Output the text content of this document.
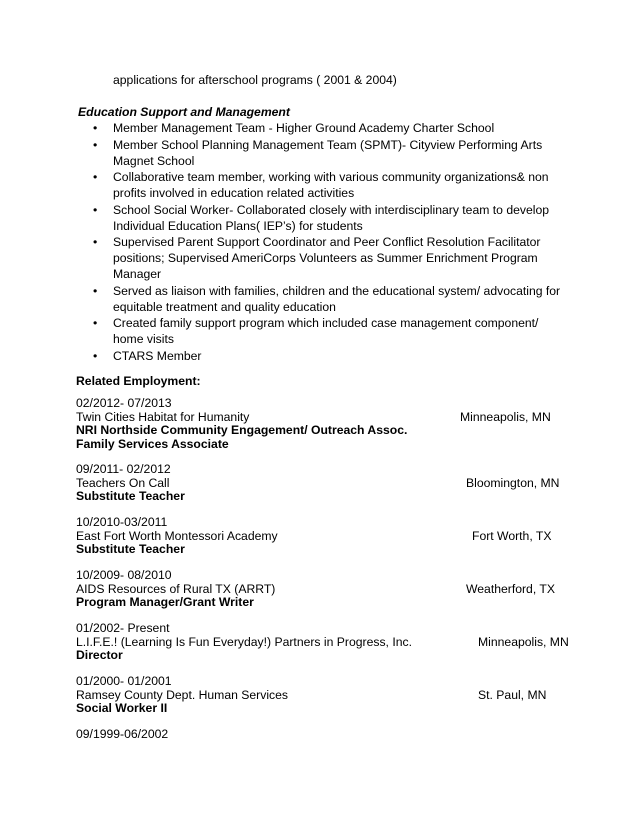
applications for afterschool programs ( 2001 & 2004)
Education Support and Management
• Member Management Team - Higher Ground Academy Charter School
• Member School Planning Management Team (SPMT)- Cityview Performing Arts Magnet School
• Collaborative team member, working with various community organizations& non profits involved in education related activities
• School Social Worker- Collaborated closely with interdisciplinary team to develop Individual Education Plans( IEP’s) for students
• Supervised Parent Support Coordinator and Peer Conflict Resolution Facilitator positions; Supervised AmeriCorps Volunteers as Summer Enrichment Program Manager
• Served as liaison with families, children and the educational system/ advocating for equitable treatment and quality education
• Created family support program which included case management component/ home visits
• CTARS Member
Related Employment:
02/2012- 07/2013
Twin Cities Habitat for Humanity	Minneapolis, MN
NRI Northside Community Engagement/ Outreach Assoc.
Family Services Associate
09/2011- 02/2012
Teachers On Call	Bloomington, MN
Substitute Teacher
10/2010-03/2011
East Fort Worth Montessori Academy	Fort Worth, TX
Substitute Teacher
10/2009- 08/2010
AIDS Resources of Rural TX (ARRT)	Weatherford, TX
Program Manager/Grant Writer
01/2002- Present
L.I.F.E.! (Learning Is Fun Everyday!) Partners in Progress, Inc.	Minneapolis, MN
Director
01/2000- 01/2001
Ramsey County Dept. Human Services	St. Paul, MN
Social Worker II
09/1999-06/2002
